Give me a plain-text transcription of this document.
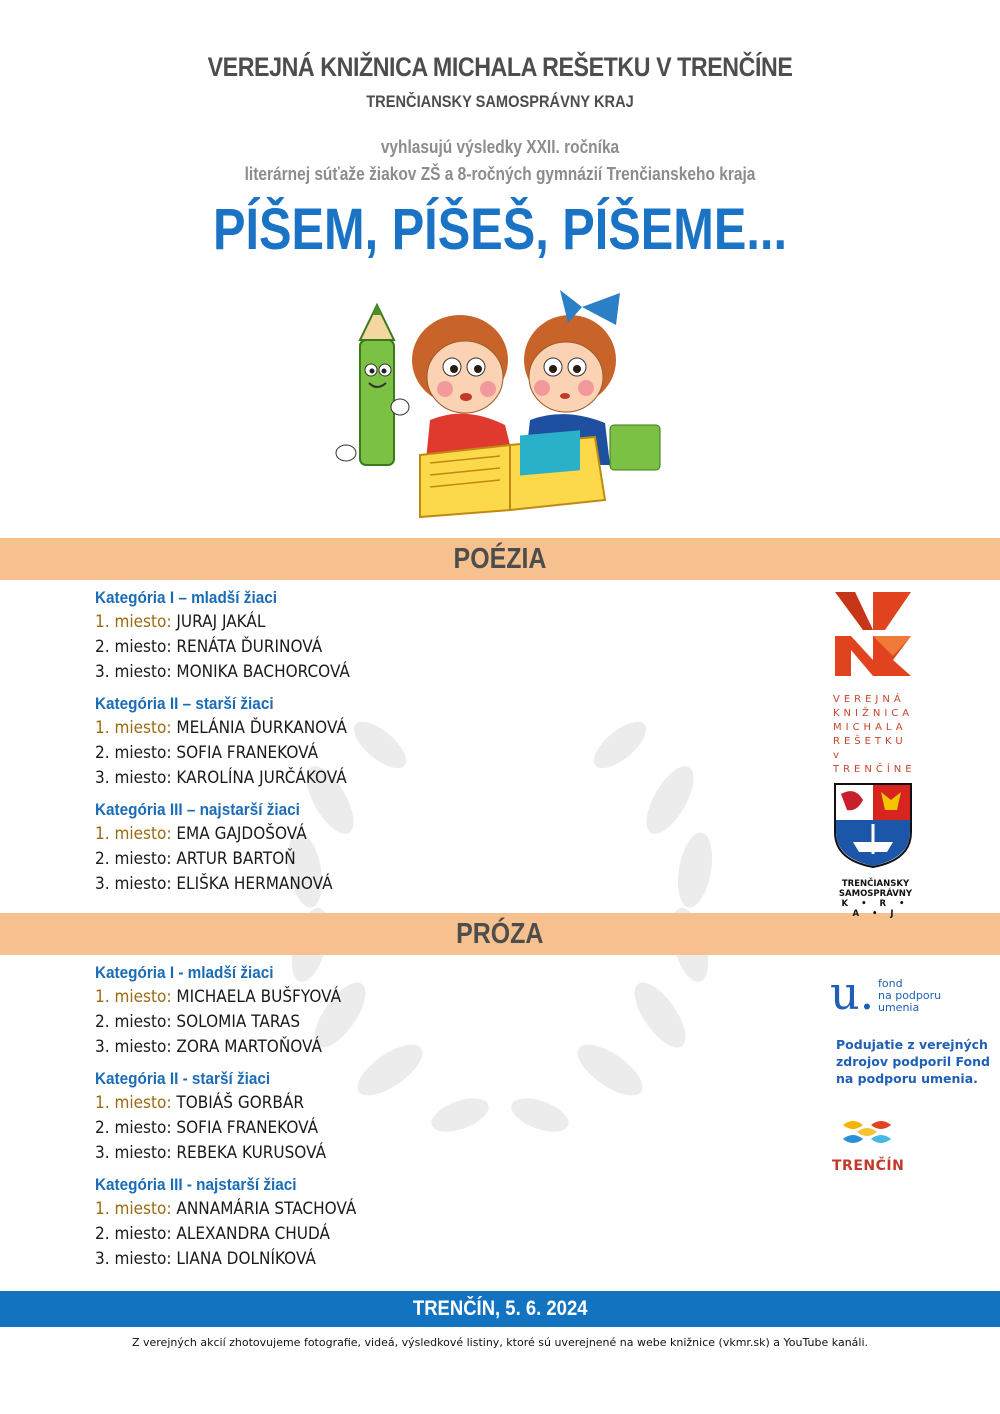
VEREJNÁ KNIŽNICA MICHALA REŠETKU V TRENČÍNE
TRENČIANSKY SAMOSPRÁVNY KRAJ
vyhlasujú výsledky XXII. ročníka
literárnej súťaže žiakov ZŠ a 8-ročných gymnázií Trenčianskeho kraja
PÍŠEM, PÍŠEŠ, PÍŠEME...
POÉZIA
Kategória I – mladší žiaci
1. miesto: JURAJ JAKÁL
2. miesto: RENÁTA ĎURINOVÁ
3. miesto: MONIKA BACHORCOVÁ
Kategória II – starší žiaci
1. miesto: MELÁNIA ĎURKANOVÁ
2. miesto: SOFIA FRANEKOVÁ
3. miesto: KAROLÍNA JURČÁKOVÁ
Kategória III – najstarší žiaci
1. miesto: EMA GAJDOŠOVÁ
2. miesto: ARTUR BARTOŇ
3. miesto: ELIŠKA HERMANOVÁ
PRÓZA
Kategória I - mladší žiaci
1. miesto: MICHAELA BUŠFYOVÁ
2. miesto: SOLOMIA TARAS
3. miesto: ZORA MARTOŇOVÁ
Kategória II - starší žiaci
1. miesto: TOBIÁŠ GORBÁR
2. miesto: SOFIA FRANEKOVÁ
3. miesto: REBEKA KURUSOVÁ
Kategória III - najstarší žiaci
1. miesto: ANNAMÁRIA STACHOVÁ
2. miesto: ALEXANDRA CHUDÁ
3. miesto: LIANA DOLNÍKOVÁ
VEREJNÁ
KNIŽNICA
MICHALA
REŠETKU
v TRENČÍNE
TRENČIANSKY
SAMOSPRÁVNY
K • R • A • J
u. fond
na podporu
umenia
Podujatie z verejných zdrojov podporil Fond na podporu umenia.
TRENČÍN
TRENČÍN, 5. 6. 2024
Z verejných akcií zhotovujeme fotografie, videá, výsledkové listiny, ktoré sú uverejnené na webe knižnice (vkmr.sk) a YouTube kanáli.
